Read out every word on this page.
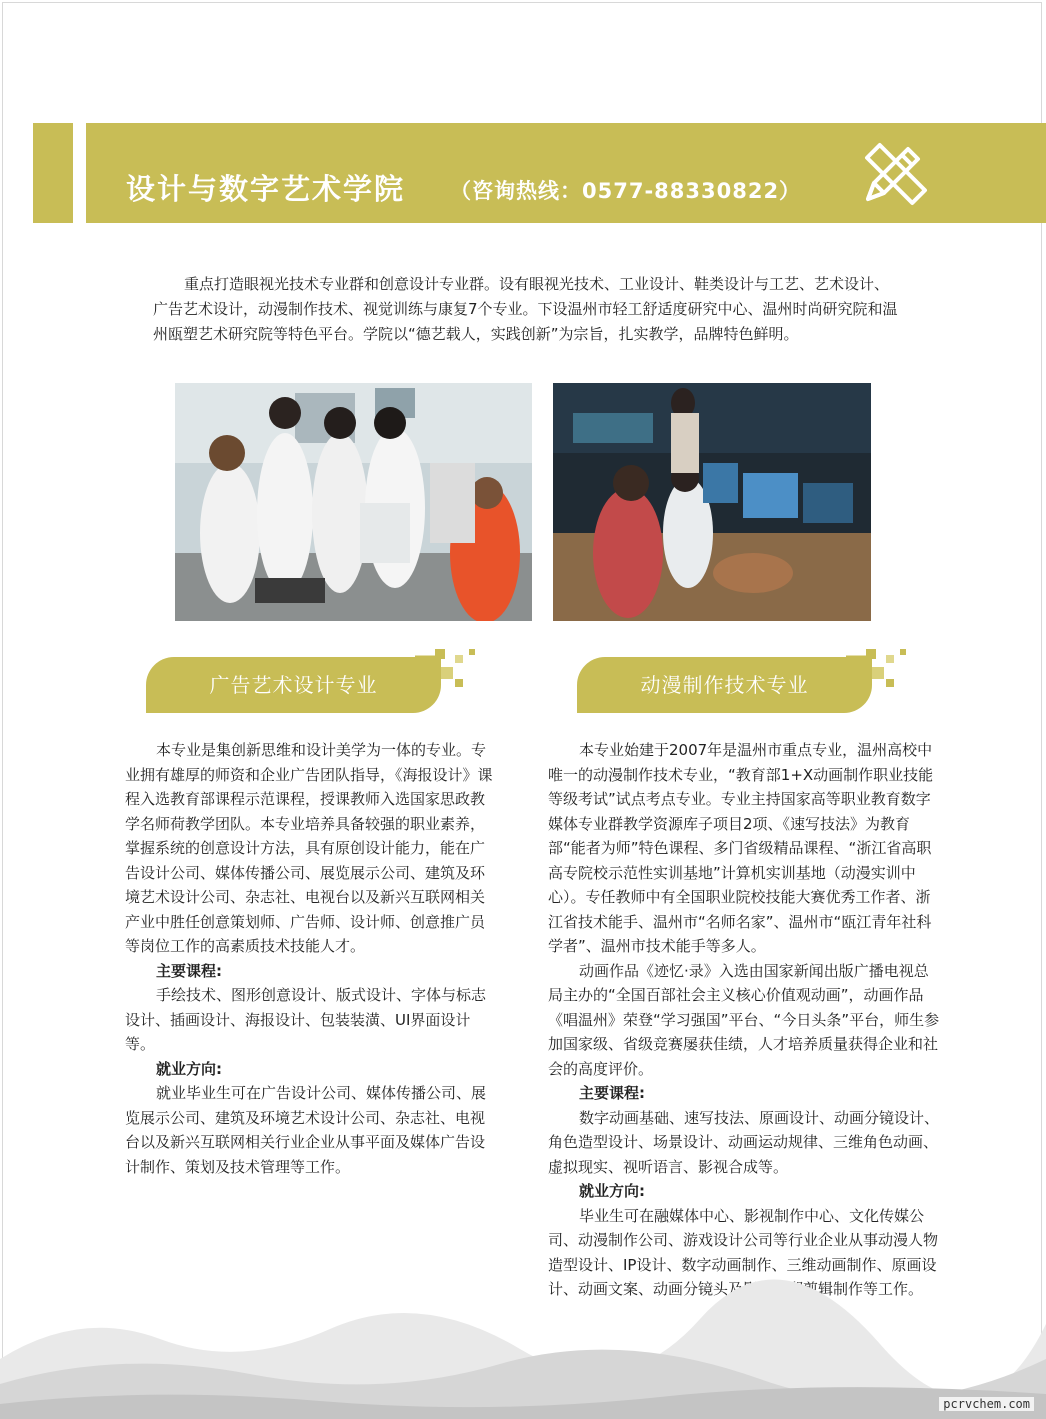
设计与数字艺术学院 （咨询热线：0577-88330822）

重点打造眼视光技术专业群和创意设计专业群。设有眼视光技术、工业设计、鞋类设计与工艺、艺术设计、广告艺术设计，动漫制作技术、视觉训练与康复7个专业。下设温州市轻工舒适度研究中心、温州时尚研究院和温州瓯塑艺术研究院等特色平台。学院以“德艺载人，实践创新”为宗旨，扎实教学，品牌特色鲜明。

广告艺术设计专业	动漫制作技术专业

本专业是集创新思维和设计美学为一体的专业。专业拥有雄厚的师资和企业广告团队指导，《海报设计》课程入选教育部课程示范课程，授课教师入选国家思政教学名师荷教学团队。本专业培养具备较强的职业素养，掌握系统的创意设计方法，具有原创设计能力，能在广告设计公司、媒体传播公司、展览展示公司、建筑及环境艺术设计公司、杂志社、电视台以及新兴互联网相关产业中胜任创意策划师、广告师、设计师、创意推广员等岗位工作的高素质技术技能人才。

主要课程:

手绘技术、图形创意设计、版式设计、字体与标志设计、插画设计、海报设计、包装装潢、UI界面设计等。

就业方向:

就业毕业生可在广告设计公司、媒体传播公司、展览展示公司、建筑及环境艺术设计公司、杂志社、电视台以及新兴互联网相关行业企业从事平面及媒体广告设计制作、策划及技术管理等工作。

本专业始建于2007年是温州市重点专业，温州高校中唯一的动漫制作技术专业，“教育部1+X动画制作职业技能等级考试”试点考点专业。专业主持国家高等职业教育数字媒体专业群教学资源库子项目2项、《速写技法》为教育部“能者为师”特色课程、多门省级精品课程、“浙江省高职高专院校示范性实训基地”计算机实训基地（动漫实训中心）。专任教师中有全国职业院校技能大赛优秀工作者、浙江省技术能手、温州市“名师名家”、温州市“瓯江青年社科学者”、温州市技术能手等多人。

动画作品《迹忆·录》入选由国家新闻出版广播电视总局主办的“全国百部社会主义核心价值观动画”，动画作品《唱温州》荣登“学习强国”平台、“今日头条”平台，师生参加国家级、省级竞赛屡获佳绩，人才培养质量获得企业和社会的高度评价。

主要课程:

数字动画基础、速写技法、原画设计、动画分镜设计、角色造型设计、场景设计、动画运动规律、三维角色动画、虚拟现实、视听语言、影视合成等。

就业方向:

毕业生可在融媒体中心、影视制作中心、文化传媒公司、动漫制作公司、游戏设计公司等行业企业从事动漫人物造型设计、IP设计、数字动画制作、三维动画制作、原画设计、动画文案、动画分镜头及影视后期剪辑制作等工作。

pcrvchem.com
